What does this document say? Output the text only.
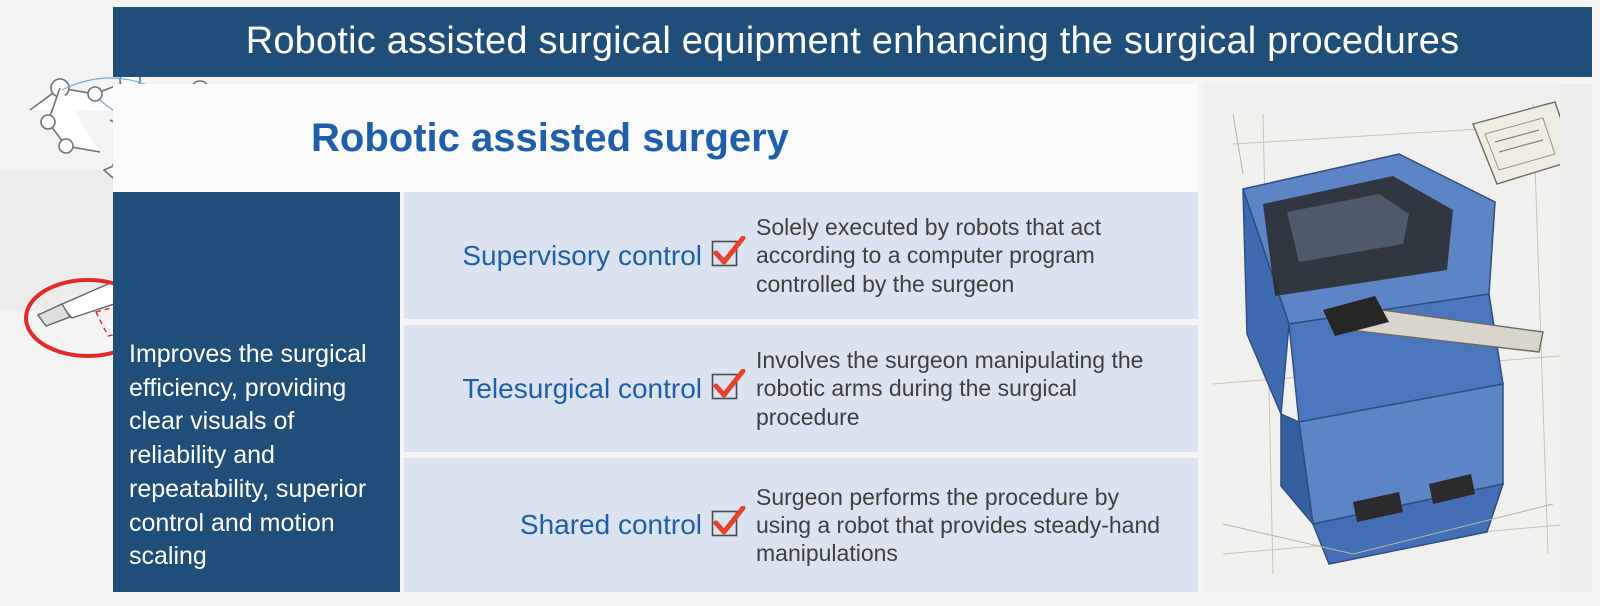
Robotic assisted surgical equipment enhancing the surgical procedures
Robotic assisted surgery
Improves the surgical efficiency, providing clear visuals of reliability and repeatability, superior control and motion scaling
Supervisory control
Solely executed by robots that act according to a computer program controlled by the surgeon
Telesurgical control
Involves the surgeon manipulating the robotic arms during the surgical procedure
Shared control
Surgeon performs the procedure by using a robot that provides steady-hand manipulations
